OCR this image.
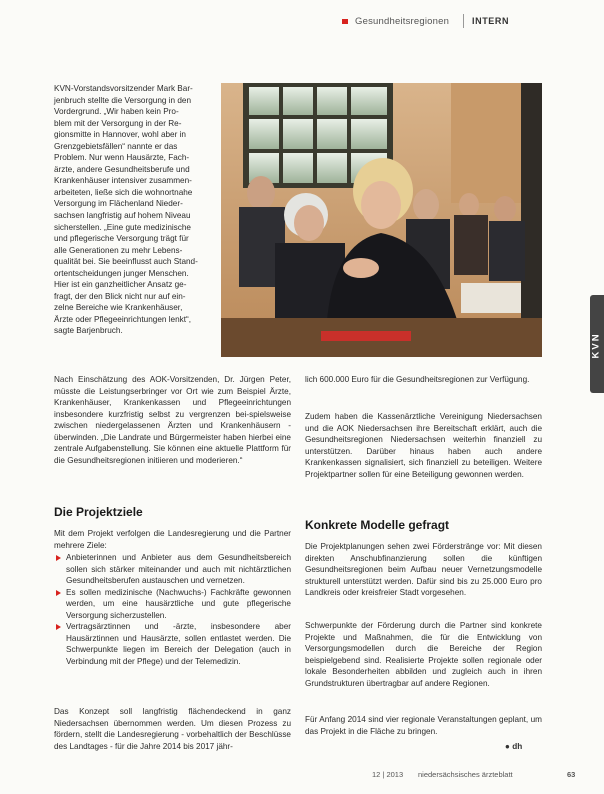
Gesundheitsregionen	INTERN
KVN
KVN-Vorstandsvorsitzender Mark Bar-
jenbruch stellte die Versorgung in den
Vordergrund. „Wir haben kein Pro-
blem mit der Versorgung in der Re-
gionsmitte in Hannover, wohl aber in
Grenzgebietsfällen“ nannte er das
Problem. Nur wenn Hausärzte, Fach-
ärzte, andere Gesundheitsberufe und
Krankenhäuser intensiver zusammen-
arbeiteten, ließe sich die wohnortnahe
Versorgung im Flächenland Nieder-
sachsen langfristig auf hohem Niveau
sicherstellen. „Eine gute medizinische
und pflegerische Versorgung trägt für
alle Generationen zu mehr Lebens-
qualität bei. Sie beeinflusst auch Stand-
ortentscheidungen junger Menschen.
Hier ist ein ganzheitlicher Ansatz ge-
fragt, der den Blick nicht nur auf ein-
zelne Bereiche wie Krankenhäuser,
Ärzte oder Pflegeeinrichtungen lenkt“,
sagte Barjenbruch.
Nach Einschätzung des AOK-Vorsitzenden, Dr. Jürgen Peter, müsste die Leistungserbringer vor Ort wie zum Beispiel Ärzte, Krankenhäuser, Krankenkassen und Pflegeeinrichtungen insbesondere kurzfristig selbst zu vergrenzen bei-spielsweise zwischen niedergelassenen Ärzten und Krankenhäusern - überwinden. „Die Landrate und Bürgermeister haben hierbei eine zentrale Aufgabenstellung. Sie können eine aktuelle Plattform für die Gesundheitsregionen initiieren und moderieren.“
Die Projektziele
Mit dem Projekt verfolgen die Landesregierung und die Partner mehrere Ziele:
Anbieterinnen und Anbieter aus dem Gesundheitsbereich sollen sich stärker miteinander und auch mit nichtärztlichen Gesundheitsberufen austauschen und vernetzen.
Es sollen medizinische (Nachwuchs-) Fachkräfte gewonnen werden, um eine hausärztliche und gute pflegerische Versorgung sicherzustellen.
Vertragsärztinnen und -ärzte, insbesondere aber Hausärztinnen und Hausärzte, sollen entlastet werden. Die Schwerpunkte liegen im Bereich der Delegation (auch in Verbindung mit der Pflege) und der Telemedizin.
Das Konzept soll langfristig flächendeckend in ganz Niedersachsen übernommen werden. Um diesen Prozess zu fördern, stellt die Landesregierung - vorbehaltlich der Beschlüsse des Landtages - für die Jahre 2014 bis 2017 jähr-
lich 600.000 Euro für die Gesundheitsregionen zur Verfügung.
Zudem haben die Kassenärztliche Vereinigung Niedersachsen und die AOK Niedersachsen ihre Bereitschaft erklärt, auch die Gesundheitsregionen Niedersachsen weiterhin finanziell zu unterstützen. Darüber hinaus haben auch andere Krankenkassen signalisiert, sich finanziell zu beteiligen. Weitere Projektpartner sollen für eine Beteiligung gewonnen werden.
Konkrete Modelle gefragt
Die Projektplanungen sehen zwei Förderstränge vor: Mit diesen direkten Anschubfinanzierung sollen die künftigen Gesundheitsregionen beim Aufbau neuer Vernetzungsmodelle strukturell unterstützt werden. Dafür sind bis zu 25.000 Euro pro Landkreis oder kreisfreier Stadt vorgesehen.
Schwerpunkte der Förderung durch die Partner sind konkrete Projekte und Maßnahmen, die für die Entwicklung von Versorgungsmodellen durch die Bereiche der Region beispielgebend sind. Realisierte Projekte sollen regionale oder lokale Besonderheiten abbilden und zugleich auch in ihren Grundstrukturen übertragbar auf andere Regionen.
Für Anfang 2014 sind vier regionale Veranstaltungen geplant, um das Projekt in die Fläche zu bringen.
● dh
12 | 2013 niedersächsisches ärzteblatt	63
